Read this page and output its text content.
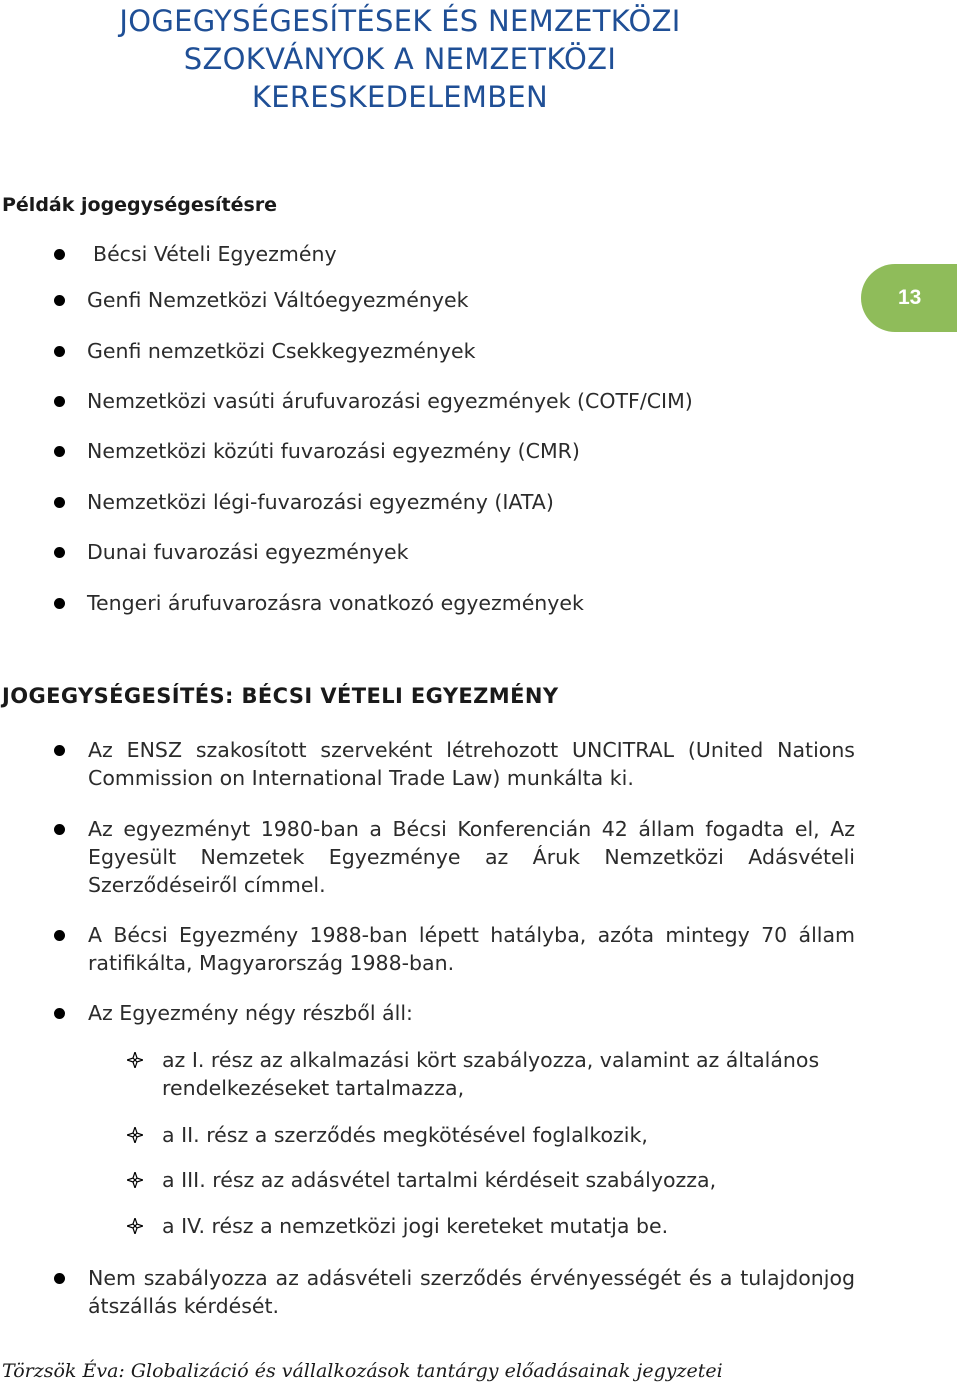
JOGEGYSÉGESÍTÉSEK ÉS NEMZETKÖZI
SZOKVÁNYOK A NEMZETKÖZI
KERESKEDELEMBEN
13
Példák jogegységesítésre
Bécsi Vételi Egyezmény
Genfi Nemzetközi Váltóegyezmények
Genfi nemzetközi Csekkegyezmények
Nemzetközi vasúti árufuvarozási egyezmények (COTF/CIM)
Nemzetközi közúti fuvarozási egyezmény (CMR)
Nemzetközi légi-fuvarozási egyezmény (IATA)
Dunai fuvarozási egyezmények
Tengeri árufuvarozásra vonatkozó egyezmények
JOGEGYSÉGESÍTÉS: BÉCSI VÉTELI EGYEZMÉNY
Az ENSZ szakosított szerveként létrehozott UNCITRAL (United Nations Commission on International Trade Law) munkálta ki.
Az egyezményt 1980-ban a Bécsi Konferencián 42 állam fogadta el, Az Egyesült Nemzetek Egyezménye az Áruk Nemzetközi Adásvételi Szerződéseiről címmel.
A Bécsi Egyezmény 1988-ban lépett hatályba, azóta mintegy 70 állam ratifikálta, Magyarország 1988-ban.
Az Egyezmény négy részből áll:
az I. rész az alkalmazási kört szabályozza, valamint az általános rendelkezéseket tartalmazza,
a II. rész a szerződés megkötésével foglalkozik,
a III. rész az adásvétel tartalmi kérdéseit szabályozza,
a IV. rész a nemzetközi jogi kereteket mutatja be.
Nem szabályozza az adásvételi szerződés érvényességét és a tulajdonjog átszállás kérdését.
Törzsök Éva: Globalizáció és vállalkozások tantárgy előadásainak jegyzetei
